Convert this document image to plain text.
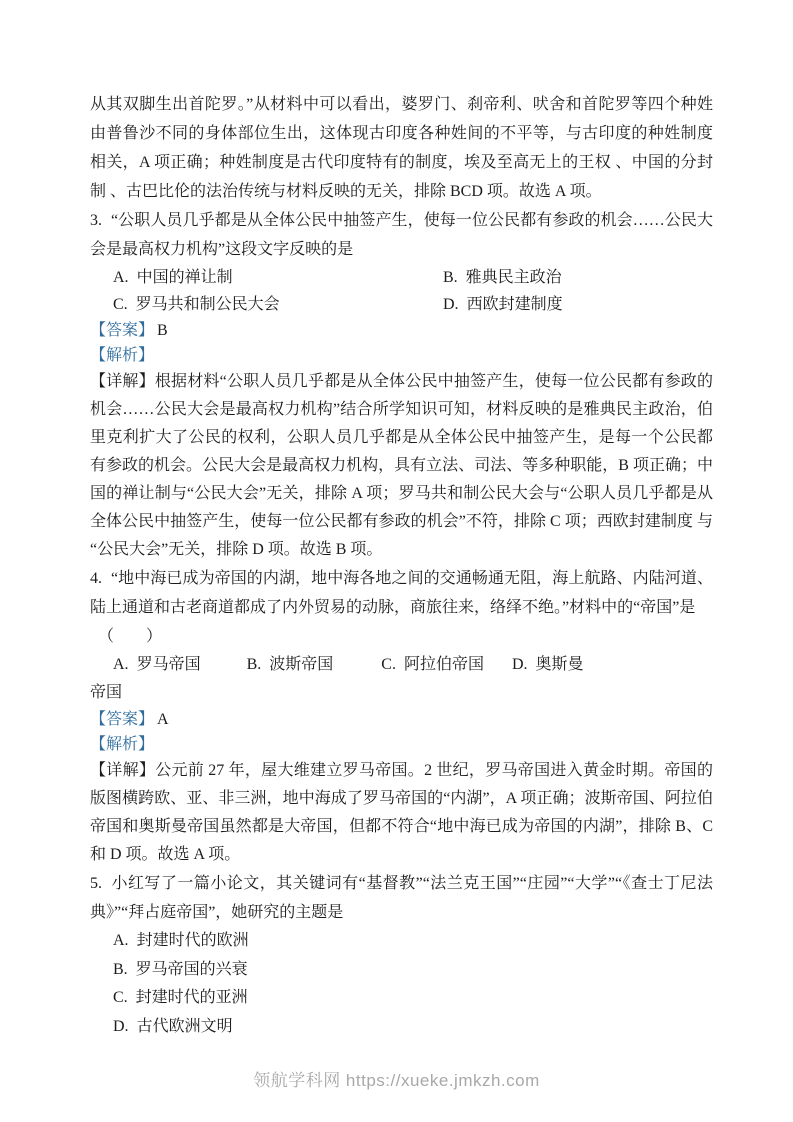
从其双脚生出首陀罗。”从材料中可以看出，婆罗门、刹帝利、吠舍和首陀罗等四个种姓由普鲁沙不同的身体部位生出，这体现古印度各种姓间的不平等，与古印度的种姓制度相关，A 项正确；种姓制度是古代印度特有的制度，埃及至高无上的王权 、中国的分封制 、古巴比伦的法治传统与材料反映的无关，排除 BCD 项。故选 A 项。
3. “公职人员几乎都是从全体公民中抽签产生，使每一位公民都有参政的机会……公民大会是最高权力机构”这段文字反映的是
A. 中国的禅让制	B. 雅典民主政治
C. 罗马共和制公民大会	D. 西欧封建制度
【答案】 B
【解析】
【详解】根据材料“公职人员几乎都是从全体公民中抽签产生，使每一位公民都有参政的机会……公民大会是最高权力机构”结合所学知识可知，材料反映的是雅典民主政治，伯里克利扩大了公民的权利，公职人员几乎都是从全体公民中抽签产生，是每一个公民都有参政的机会。公民大会是最高权力机构，具有立法、司法、等多种职能，B 项正确；中国的禅让制与“公民大会”无关，排除 A 项；罗马共和制公民大会与“公职人员几乎都是从全体公民中抽签产生，使每一位公民都有参政的机会”不符，排除 C 项；西欧封建制度 与“公民大会”无关，排除 D 项。故选 B 项。
4. “地中海已成为帝国的内湖，地中海各地之间的交通畅通无阻，海上航路、内陆河道、陆上通道和古老商道都成了内外贸易的动脉，商旅往来，络绎不绝。”材料中的“帝国”是
（　　）
A. 罗马帝国	B. 波斯帝国	C. 阿拉伯帝国 D. 奥斯曼帝国
【答案】 A
【解析】
【详解】公元前 27 年，屋大维建立罗马帝国。2 世纪，罗马帝国进入黄金时期。帝国的版图横跨欧、亚、非三洲，地中海成了罗马帝国的“内湖”，A 项正确；波斯帝国、阿拉伯帝国和奥斯曼帝国虽然都是大帝国，但都不符合“地中海已成为帝国的内湖”，排除 B、C 和 D 项。故选 A 项。
5. 小红写了一篇小论文，其关键词有“基督教”“法兰克王国”“庄园”“大学”“《查士丁尼法典》”“拜占庭帝国”，她研究的主题是
A. 封建时代的欧洲
B. 罗马帝国的兴衰
C. 封建时代的亚洲
D. 古代欧洲文明
领航学科网 https://xueke.jmkzh.com
